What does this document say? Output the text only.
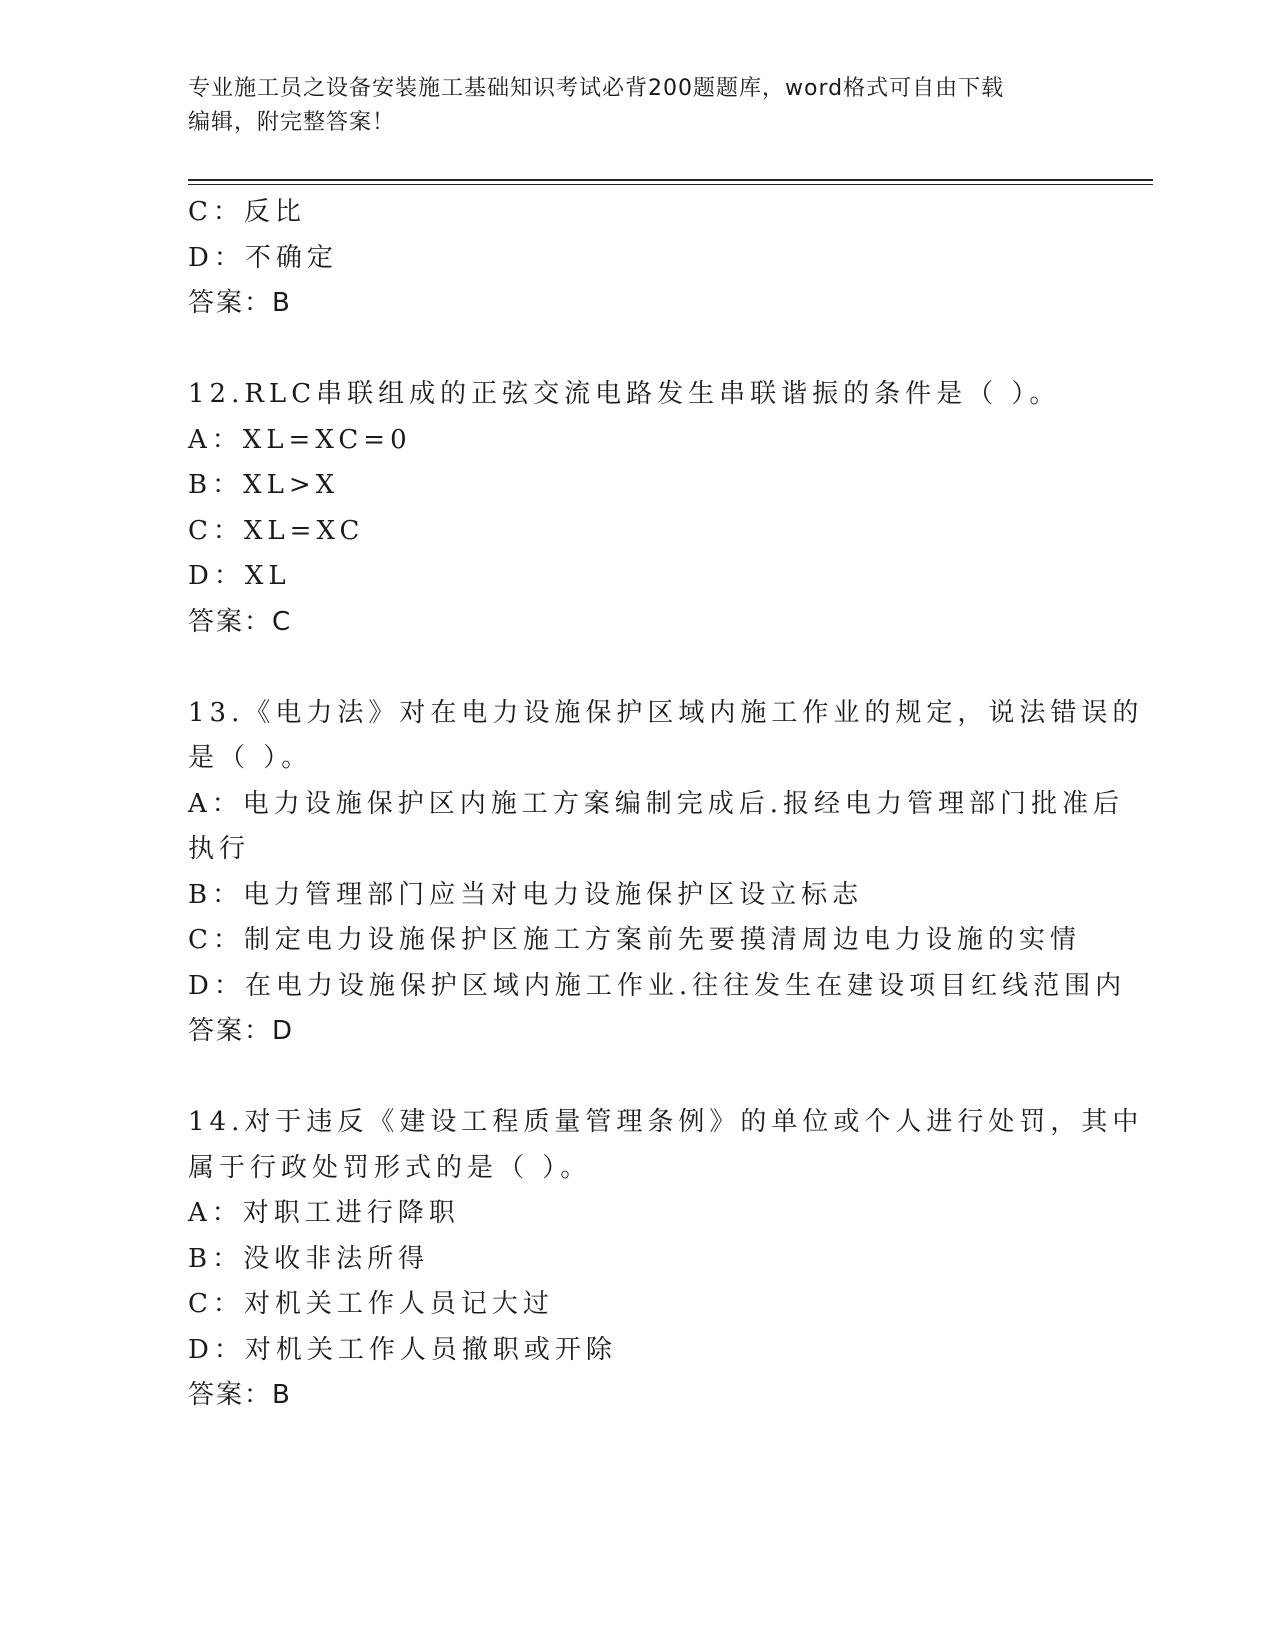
专业施工员之设备安装施工基础知识考试必背200题题库，word格式可自由下载
编辑，附完整答案！
C：反比
D：不确定
答案：B
12.RLC串联组成的正弦交流电路发生串联谐振的条件是（ ）。
A：XL=XC=0
B：XL>X
C：XL=XC
D：XL
答案：C
13.《电力法》对在电力设施保护区域内施工作业的规定，说法错误的
是（ ）。
A：电力设施保护区内施工方案编制完成后.报经电力管理部门批准后
执行
B：电力管理部门应当对电力设施保护区设立标志
C：制定电力设施保护区施工方案前先要摸清周边电力设施的实情
D：在电力设施保护区域内施工作业.往往发生在建设项目红线范围内
答案：D
14.对于违反《建设工程质量管理条例》的单位或个人进行处罚，其中
属于行政处罚形式的是（ ）。
A：对职工进行降职
B：没收非法所得
C：对机关工作人员记大过
D：对机关工作人员撤职或开除
答案：B
